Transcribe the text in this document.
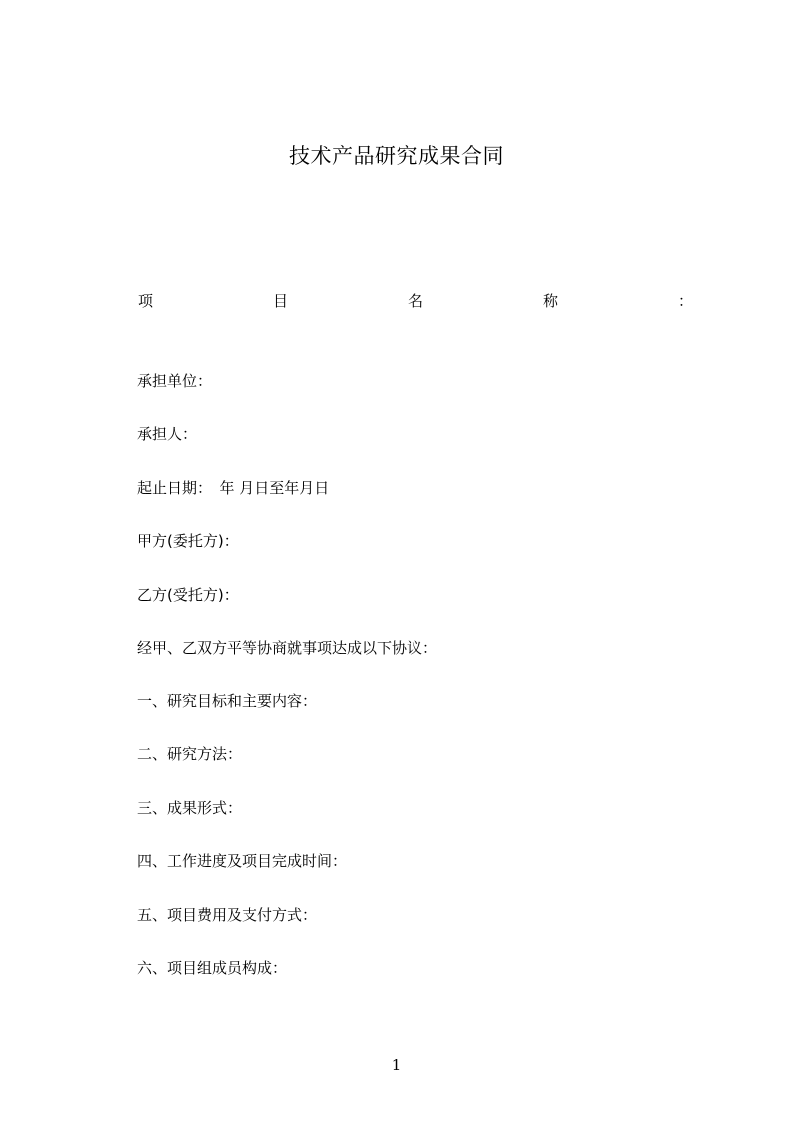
技术产品研究成果合同
项	目	名	称	：
承担单位：
承担人：
起止日期：　年 月日至年月日
甲方(委托方)：
乙方(受托方)：
经甲、乙双方平等协商就事项达成以下协议：
一、研究目标和主要内容：
二、研究方法：
三、成果形式：
四、工作进度及项目完成时间：
五、项目费用及支付方式：
六、项目组成员构成：
1
